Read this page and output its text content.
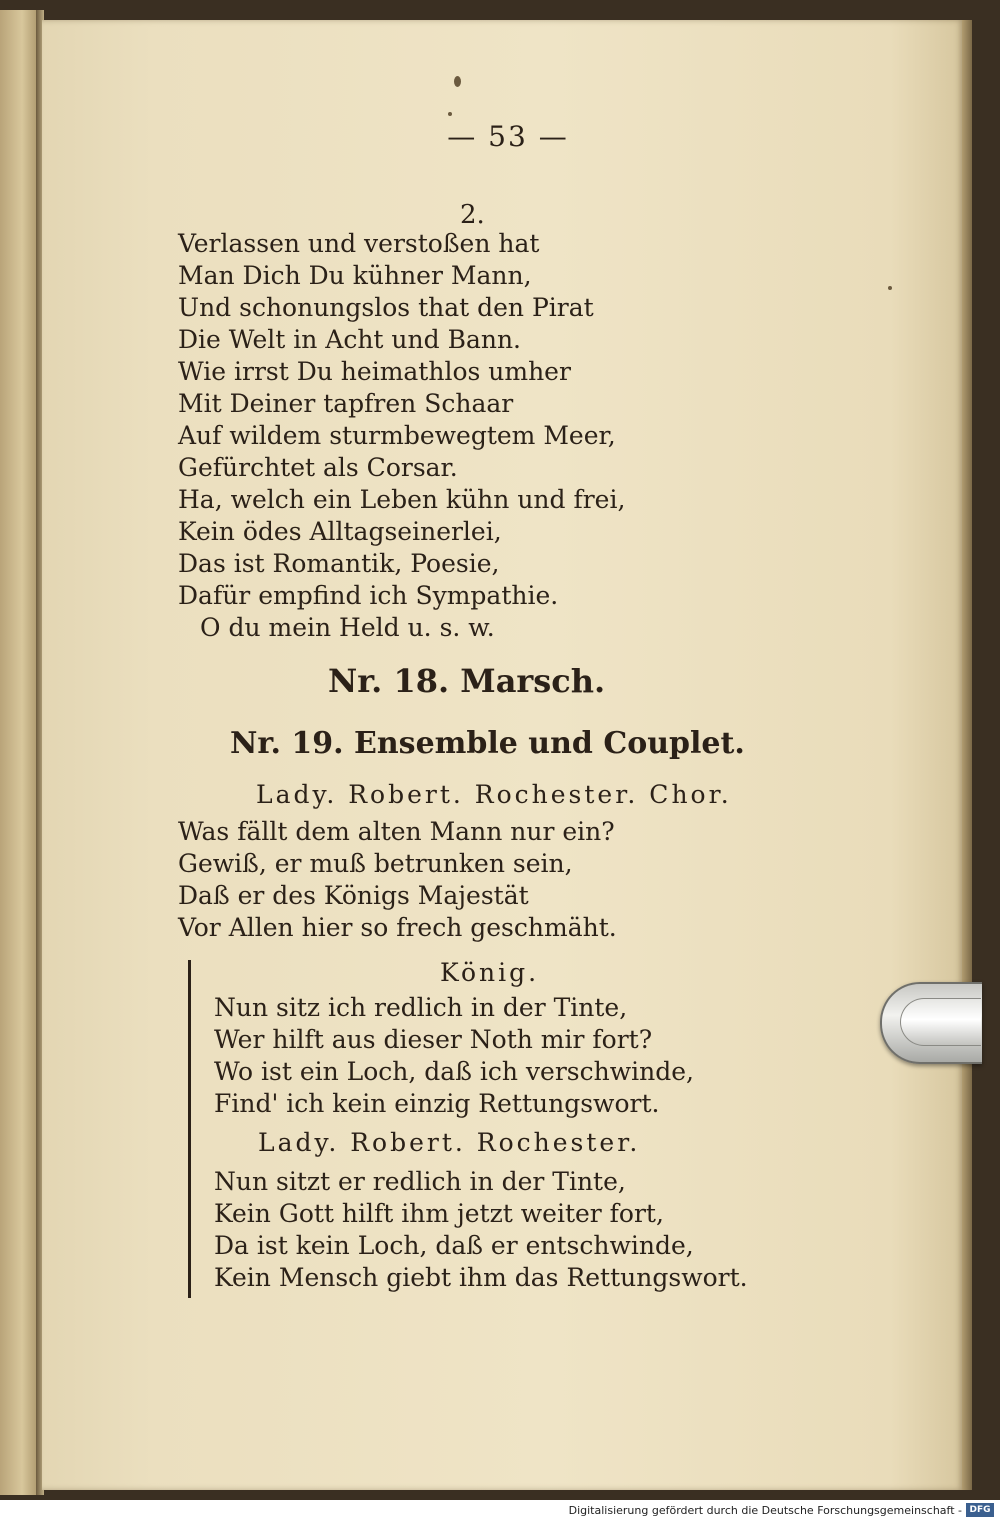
— 53 —
2.
Verlassen und verstoßen hat
Man Dich Du kühner Mann,
Und schonungslos that den Pirat
Die Welt in Acht und Bann.
Wie irrst Du heimathlos umher
Mit Deiner tapfren Schaar
Auf wildem sturmbewegtem Meer,
Gefürchtet als Corsar.
Ha, welch ein Leben kühn und frei,
Kein ödes Alltagseinerlei,
Das ist Romantik, Poesie,
Dafür empfind ich Sympathie.
O du mein Held u. s. w.
Nr. 18. Marsch.
Nr. 19. Ensemble und Couplet.
Lady. Robert. Rochester. Chor.
Was fällt dem alten Mann nur ein?
Gewiß, er muß betrunken sein,
Daß er des Königs Majestät
Vor Allen hier so frech geschmäht.
König.
Nun sitz ich redlich in der Tinte,
Wer hilft aus dieser Noth mir fort?
Wo ist ein Loch, daß ich verschwinde,
Find' ich kein einzig Rettungswort.
Lady. Robert. Rochester.
Nun sitzt er redlich in der Tinte,
Kein Gott hilft ihm jetzt weiter fort,
Da ist kein Loch, daß er entschwinde,
Kein Mensch giebt ihm das Rettungswort.
Digitalisierung gefördert durch die Deutsche Forschungsgemeinschaft - DFG
